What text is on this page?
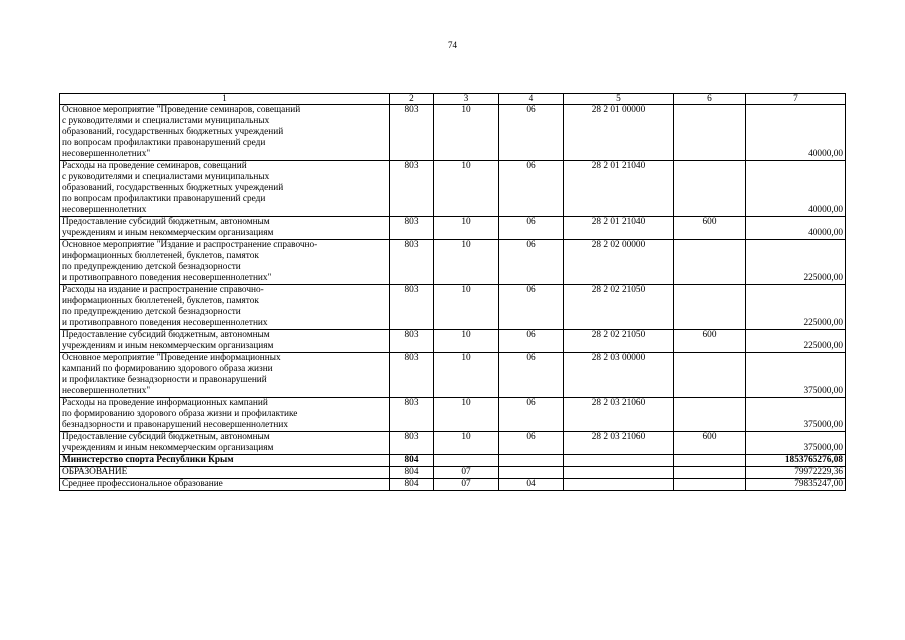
74
1	2	3	4	5	6	7
Основное мероприятие "Проведение семинаров, совещаний
с руководителями и специалистами муниципальных
образований, государственных бюджетных учреждений
по вопросам профилактики правонарушений среди
несовершеннолетних"	803	10	06	28 2 01 00000		40000,00
Расходы на проведение семинаров, совещаний
с руководителями и специалистами муниципальных
образований, государственных бюджетных учреждений
по вопросам профилактики правонарушений среди
несовершеннолетних	803	10	06	28 2 01 21040		40000,00
Предоставление субсидий бюджетным, автономным
учреждениям и иным некоммерческим организациям	803	10	06	28 2 01 21040	600	40000,00
Основное мероприятие "Издание и распространение справочно-
информационных бюллетеней, буклетов, памяток
по предупреждению детской безнадзорности
и противоправного поведения несовершеннолетних"	803	10	06	28 2 02 00000		225000,00
Расходы на издание и распространение справочно-
информационных бюллетеней, буклетов, памяток
по предупреждению детской безнадзорности
и противоправного поведения несовершеннолетних	803	10	06	28 2 02 21050		225000,00
Предоставление субсидий бюджетным, автономным
учреждениям и иным некоммерческим организациям	803	10	06	28 2 02 21050	600	225000,00
Основное мероприятие "Проведение информационных
кампаний по формированию здорового образа жизни
и профилактике безнадзорности и правонарушений
несовершеннолетних"	803	10	06	28 2 03 00000		375000,00
Расходы на проведение информационных кампаний
по формированию здорового образа жизни и профилактике
безнадзорности и правонарушений несовершеннолетних	803	10	06	28 2 03 21060		375000,00
Предоставление субсидий бюджетным, автономным
учреждениям и иным некоммерческим организациям	803	10	06	28 2 03 21060	600	375000,00
Министерство спорта Республики Крым	804					1853765276,08
ОБРАЗОВАНИЕ	804	07				79972229,36
Среднее профессиональное образование	804	07	04			79835247,00
